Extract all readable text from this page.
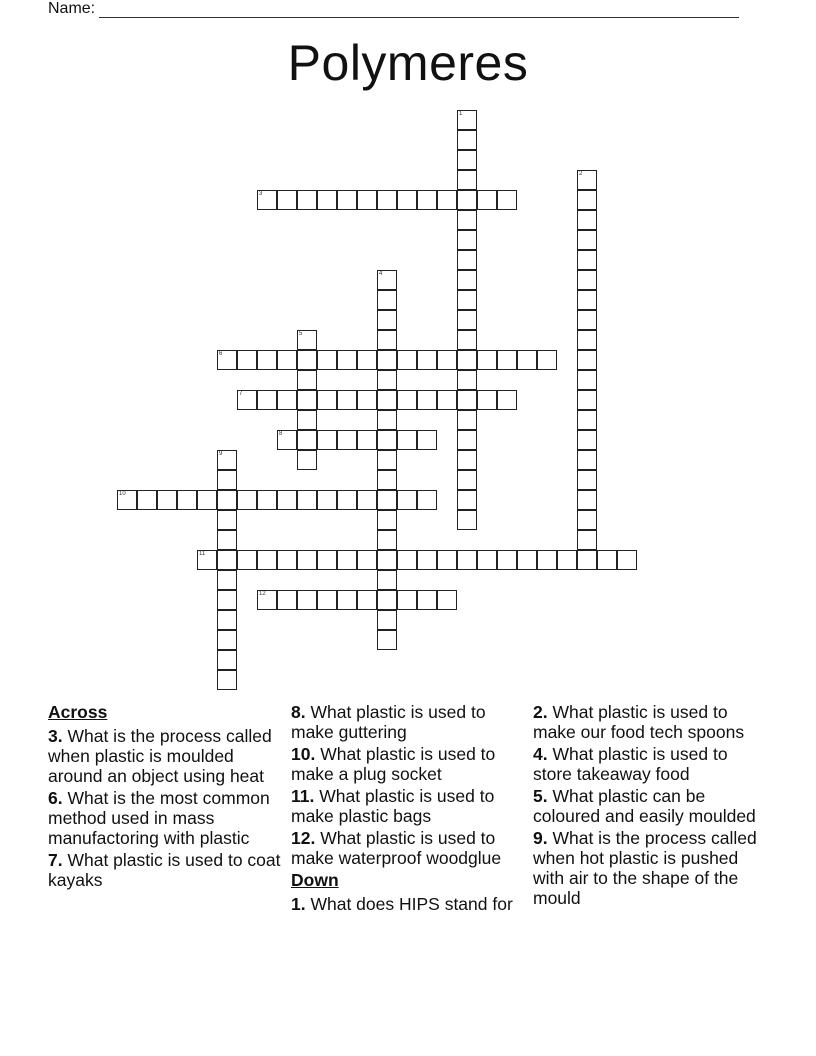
Name:
Polymeres
1
2
3
4
5
6
7
8
9
10
11
12
Across
3. What is the process called when plastic is moulded around an object using heat
6. What is the most common method used in mass manufactoring with plastic
7. What plastic is used to coat kayaks
8. What plastic is used to make guttering
10. What plastic is used to make a plug socket
11. What plastic is used to make plastic bags
12. What plastic is used to make waterproof woodglue
Down
1. What does HIPS stand for
2. What plastic is used to make our food tech spoons
4. What plastic is used to store takeaway food
5. What plastic can be coloured and easily moulded
9. What is the process called when hot plastic is pushed with air to the shape of the mould
